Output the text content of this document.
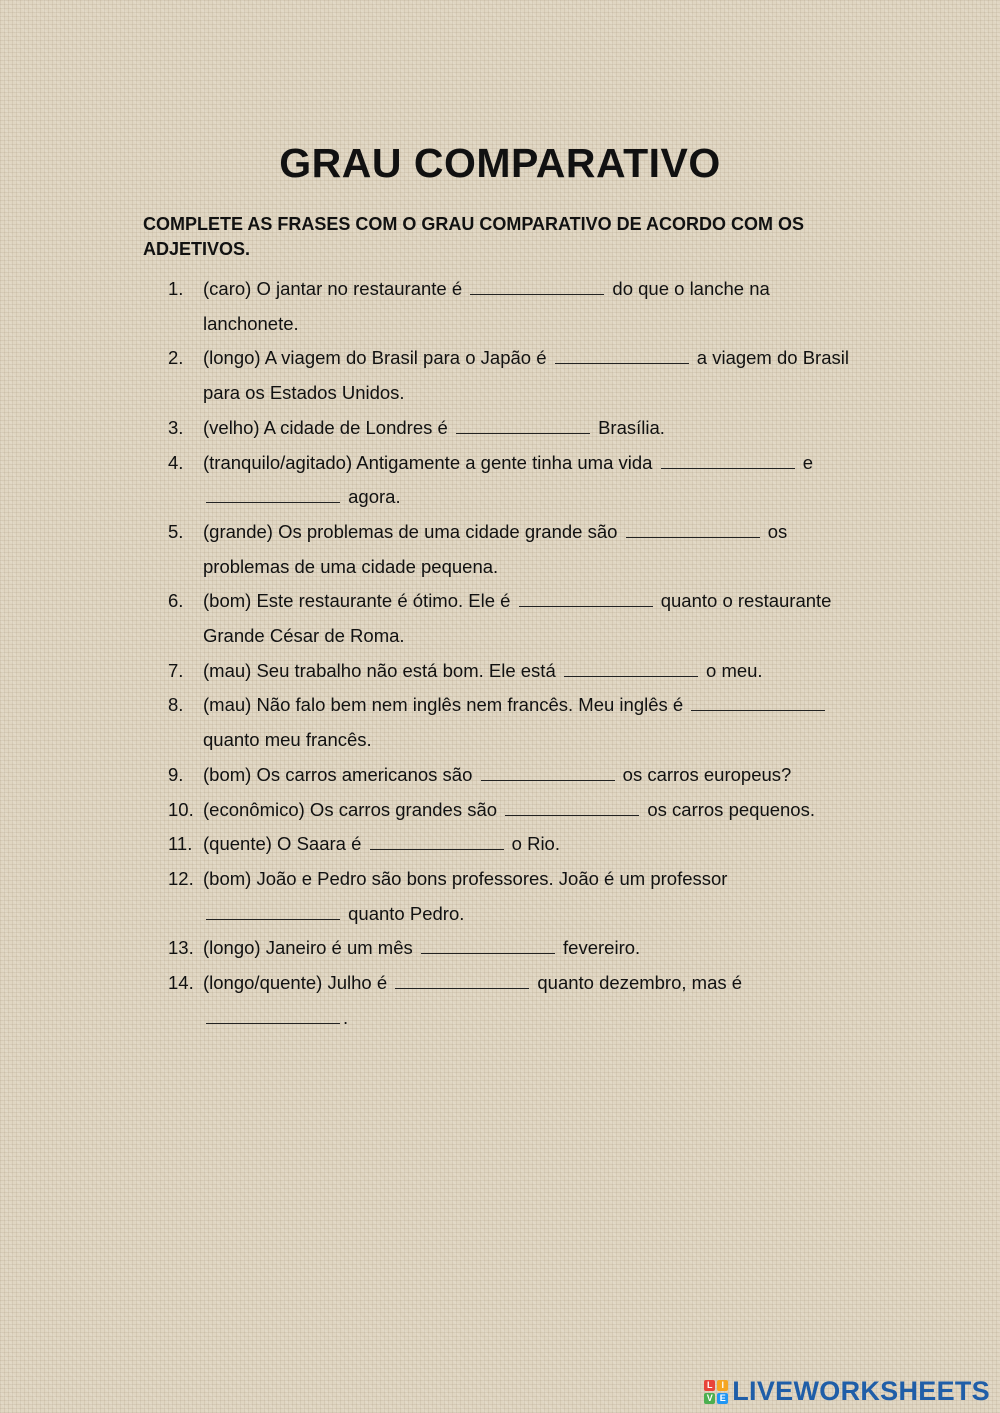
GRAU COMPARATIVO

COMPLETE AS FRASES COM O GRAU COMPARATIVO DE ACORDO COM OS ADJETIVOS.

1.	(caro) O jantar no restaurante é	do que o lanche na lanchonete.
2.	(longo) A viagem do Brasil para o Japão é	a viagem do Brasil para os Estados Unidos.
3.	(velho) A cidade de Londres é	Brasília.
4.	(tranquilo/agitado) Antigamente a gente tinha uma vida	e  agora.
5.	(grande) Os problemas de uma cidade grande são	os problemas de uma cidade pequena.
6.	(bom) Este restaurante é ótimo. Ele é	quanto o restaurante Grande César de Roma.
7.	(mau) Seu trabalho não está bom. Ele está	o meu.
8.	(mau) Não falo bem nem inglês nem francês. Meu inglês é  quanto meu francês.
9.	(bom) Os carros americanos são	os carros europeus?
10. (econômico) Os carros grandes são	os carros pequenos.
11. (quente) O Saara é	o Rio.
12. (bom) João e Pedro são bons professores. João é um professor  quanto Pedro.
13. (longo) Janeiro é um mês	fevereiro.
14. (longo/quente) Julho é	quanto dezembro, mas é .
L I
V E LIVEWORKSHEETS
